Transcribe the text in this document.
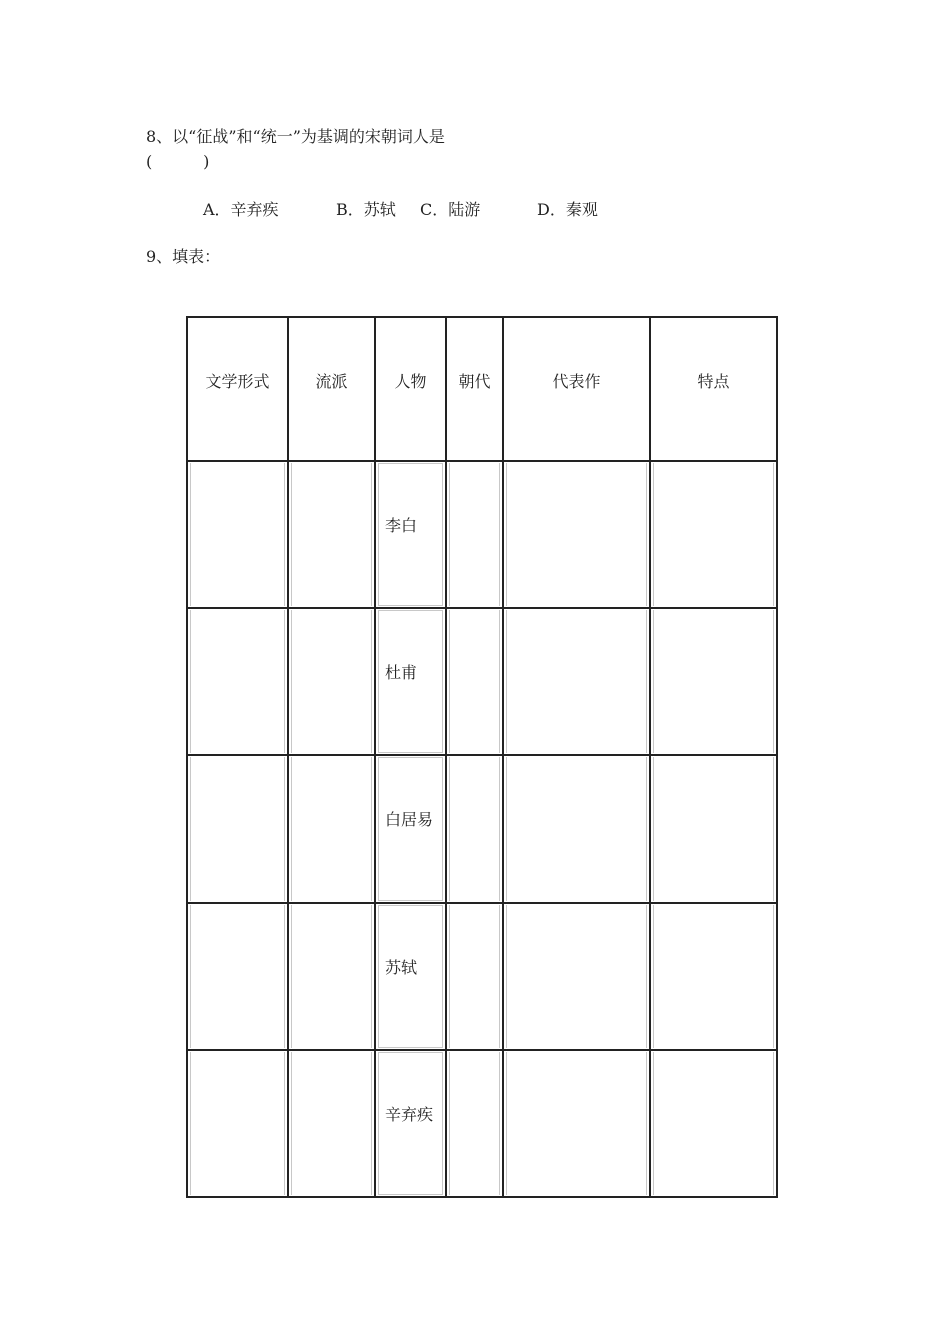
8、以“征战”和“统一”为基调的宋朝词人是
(          )
A．辛弃疾	B．苏轼 C．陆游	D．秦观
9、填表：
文学形式	流派	人物	朝代	代表作	特点

		李白			

		杜甫			

		白居易			

		苏轼			

		辛弃疾			
